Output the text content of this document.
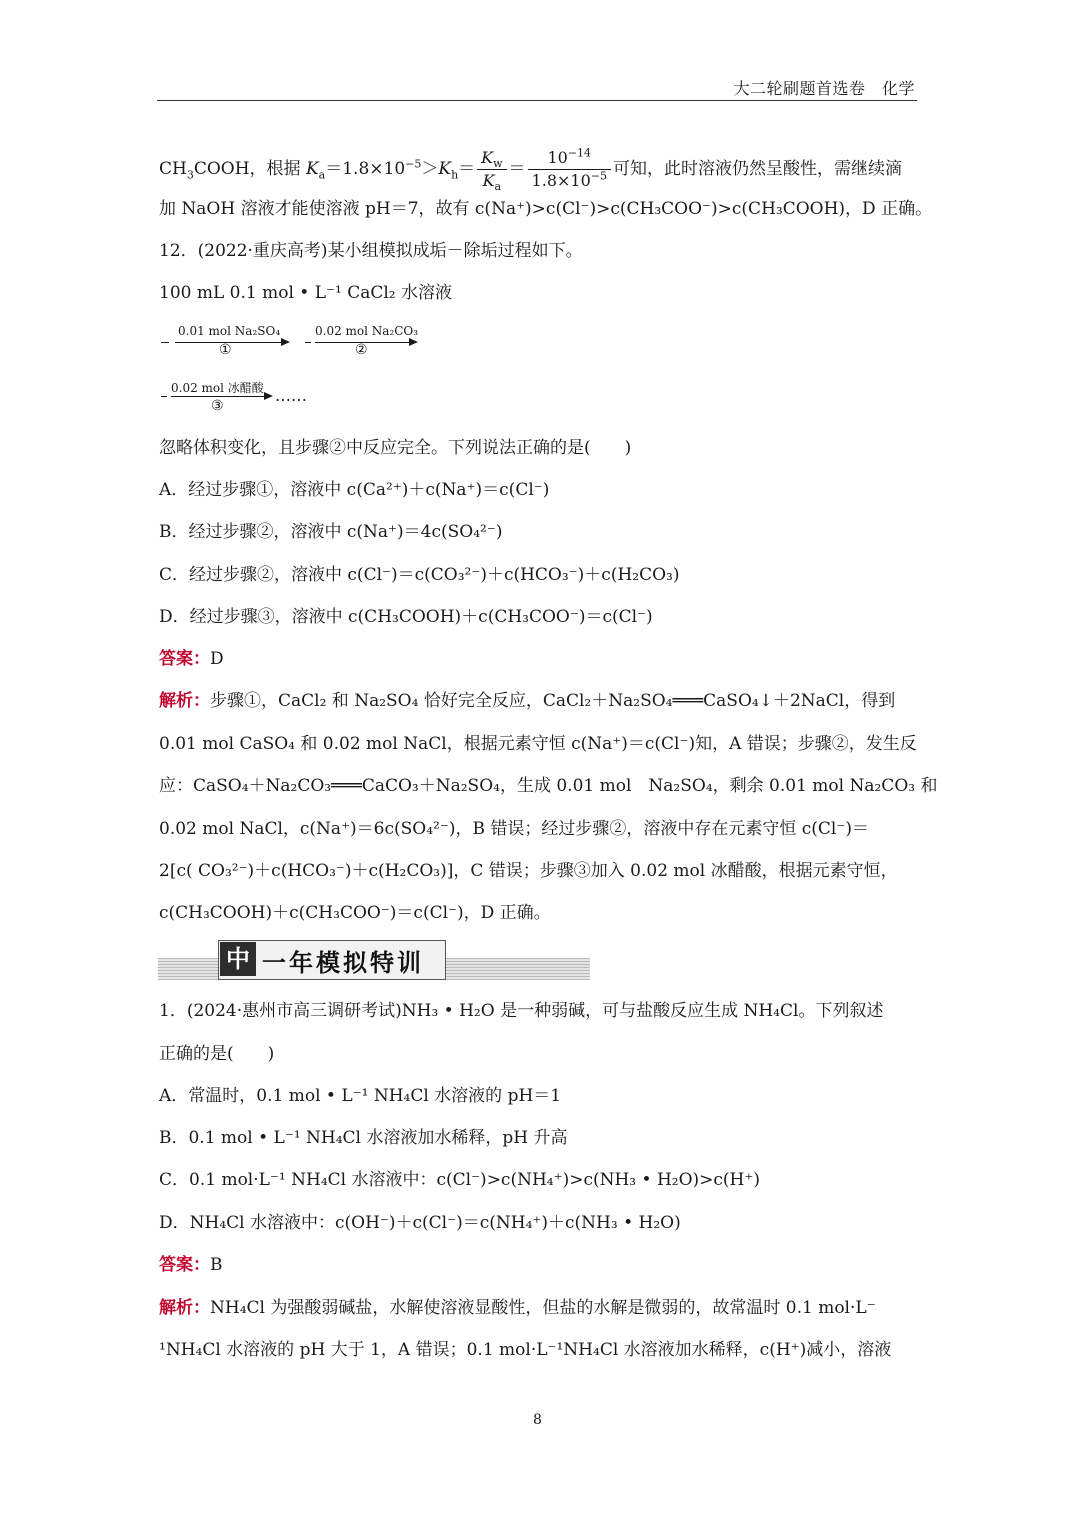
大二轮刷题首选卷　化学
$CH_3COOH$，根据 $K_a=1.8\times 10^{-5}>K_h= \frac{K_w}{K_a} = \frac{10^{-14}}{1.8\times 10^{-5}}$ 可知，此时溶液仍然呈酸性，需继续滴
加 NaOH 溶液才能使溶液 pH＝7，故有 c(Na⁺)>c(Cl⁻)>c(CH₃COO⁻)>c(CH₃COOH)，D 正确。
12．(2022·重庆高考)某小组模拟成垢－除垢过程如下。
100 mL 0.1 mol • L⁻¹ CaCl₂ 水溶液
0.01 mol Na₂SO₄
①
0.02 mol Na₂CO₃
②
0.02 mol 冰醋酸
③
……
忽略体积变化，且步骤②中反应完全。下列说法正确的是(　　)
A．经过步骤①，溶液中 c(Ca²⁺)＋c(Na⁺)＝c(Cl⁻)
B．经过步骤②，溶液中 c(Na⁺)＝4c(SO₄²⁻)
C．经过步骤②，溶液中 c(Cl⁻)＝c(CO₃²⁻)＋c(HCO₃⁻)＋c(H₂CO₃)
D．经过步骤③，溶液中 c(CH₃COOH)＋c(CH₃COO⁻)＝c(Cl⁻)
答案：D
解析：步骤①，CaCl₂ 和 Na₂SO₄ 恰好完全反应，CaCl₂＋Na₂SO₄═══CaSO₄↓＋2NaCl，得到
0.01 mol CaSO₄ 和 0.02 mol NaCl，根据元素守恒 c(Na⁺)＝c(Cl⁻)知，A 错误；步骤②，发生反
应：CaSO₄＋Na₂CO₃═══CaCO₃＋Na₂SO₄，生成 0.01 mol　Na₂SO₄，剩余 0.01 mol Na₂CO₃ 和
0.02 mol NaCl，c(Na⁺)＝6c(SO₄²⁻)，B 错误；经过步骤②，溶液中存在元素守恒 c(Cl⁻)＝
2[c( CO₃²⁻)＋c(HCO₃⁻)＋c(H₂CO₃)]，C 错误；步骤③加入 0.02 mol 冰醋酸，根据元素守恒，
c(CH₃COOH)＋c(CH₃COO⁻)＝c(Cl⁻)，D 正确。
中 一年模拟特训
1．(2024·惠州市高三调研考试)NH₃ • H₂O 是一种弱碱，可与盐酸反应生成 NH₄Cl。下列叙述
正确的是(　　)
A．常温时，0.1 mol • L⁻¹ NH₄Cl 水溶液的 pH＝1
B．0.1 mol • L⁻¹ NH₄Cl 水溶液加水稀释，pH 升高
C．0.1 mol·L⁻¹ NH₄Cl 水溶液中：c(Cl⁻)>c(NH₄⁺)>c(NH₃ • H₂O)>c(H⁺)
D．NH₄Cl 水溶液中：c(OH⁻)＋c(Cl⁻)＝c(NH₄⁺)＋c(NH₃ • H₂O)
答案：B
解析：NH₄Cl 为强酸弱碱盐，水解使溶液显酸性，但盐的水解是微弱的，故常温时 0.1 mol·L⁻
¹NH₄Cl 水溶液的 pH 大于 1，A 错误；0.1 mol·L⁻¹NH₄Cl 水溶液加水稀释，c(H⁺)减小，溶液
8
